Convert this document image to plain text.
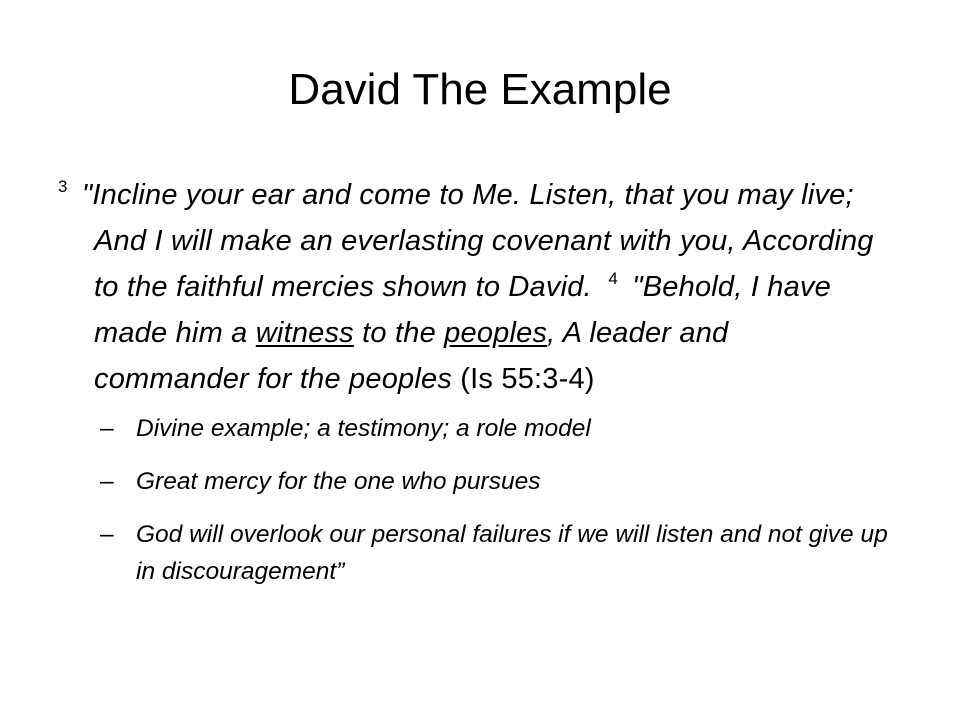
David The Example

$^3$ "Incline your ear and come to Me. Listen, that you may live; And I will make an everlasting covenant with you, According to the faithful mercies shown to David. $^4$ "Behold, I have made him a witness to the peoples, A leader and commander for the peoples (Is 55:3-4)

– Divine example; a testimony; a role model
– Great mercy for the one who pursues
– God will overlook our personal failures if we will listen and not give up in discouragement”
